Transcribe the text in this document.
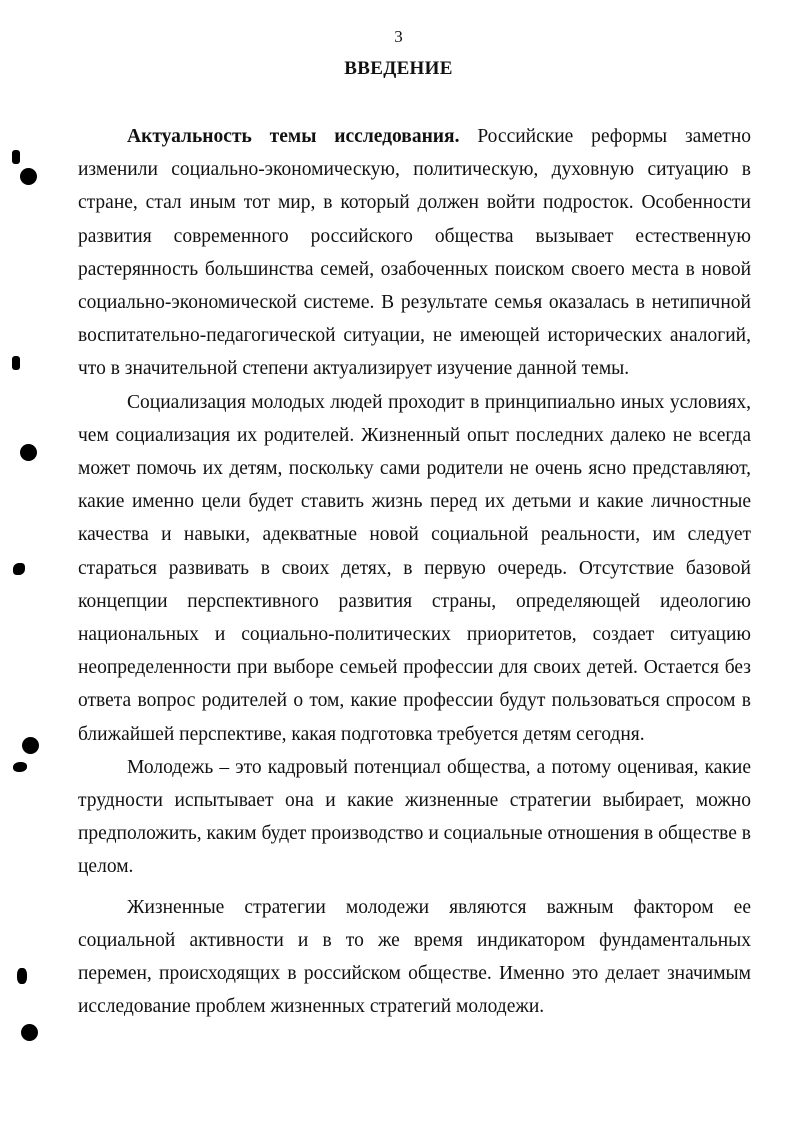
3
ВВЕДЕНИЕ

Актуальность темы исследования. Российские реформы заметно изменили социально-экономическую, политическую, духовную ситуацию в стране, стал иным тот мир, в который должен войти подросток. Особенности развития современного российского общества вызывает естественную растерянность большинства семей, озабоченных поиском своего места в новой социально-экономической системе. В результате семья оказалась в нетипичной воспитательно-педагогической ситуации, не имеющей исторических аналогий, что в значительной степени актуализирует изучение данной темы.

Социализация молодых людей проходит в принципиально иных условиях, чем социализация их родителей. Жизненный опыт последних далеко не всегда может помочь их детям, поскольку сами родители не очень ясно представляют, какие именно цели будет ставить жизнь перед их детьми и какие личностные качества и навыки, адекватные новой социальной реальности, им следует стараться развивать в своих детях, в первую очередь. Отсутствие базовой концепции перспективного развития страны, определяющей идеологию национальных и социально-политических приоритетов, создает ситуацию неопределенности при выборе семьей профессии для своих детей. Остается без ответа вопрос родителей о том, какие профессии будут пользоваться спросом в ближайшей перспективе, какая подготовка требуется детям сегодня.

Молодежь – это кадровый потенциал общества, а потому оценивая, какие трудности испытывает она и какие жизненные стратегии выбирает, можно предположить, каким будет производство и социальные отношения в обществе в целом.

Жизненные стратегии молодежи являются важным фактором ее социальной активности и в то же время индикатором фундаментальных перемен, происходящих в российском обществе. Именно это делает значимым исследование проблем жизненных стратегий молодежи.
